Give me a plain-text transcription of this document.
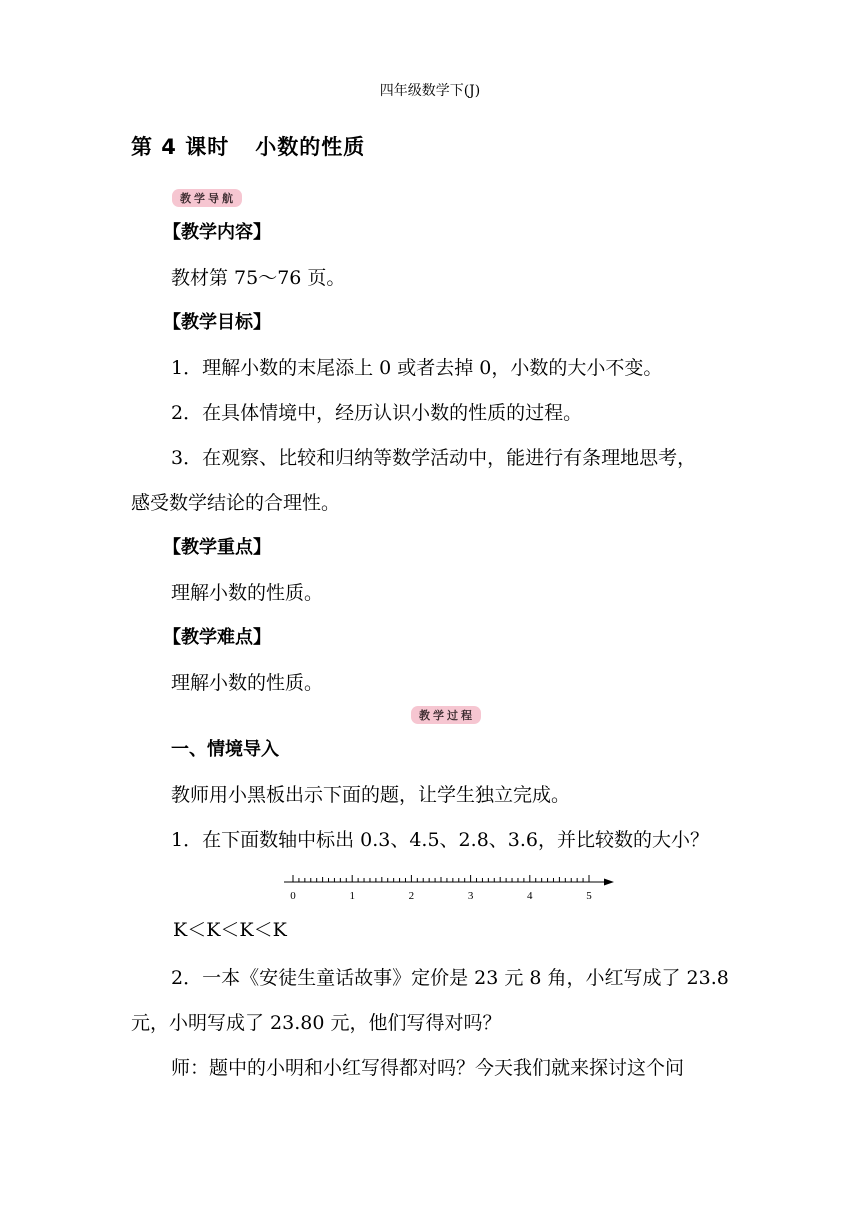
四年级数学下(J)
第 4 课时 小数的性质
教学导航
【教学内容】
教材第 75～76 页。
【教学目标】
1．理解小数的末尾添上 0 或者去掉 0，小数的大小不变。
2．在具体情境中，经历认识小数的性质的过程。
3．在观察、比较和归纳等数学活动中，能进行有条理地思考，
感受数学结论的合理性。
【教学重点】
理解小数的性质。
【教学难点】
理解小数的性质。
教学过程
一、情境导入
教师用小黑板出示下面的题，让学生独立完成。
1．在下面数轴中标出 0.3、4.5、2.8、3.6，并比较数的大小？
0	1	2	3	4	5
K＜K＜K＜K
2．一本《安徒生童话故事》定价是 23 元 8 角，小红写成了 23.8
元，小明写成了 23.80 元，他们写得对吗？
师：题中的小明和小红写得都对吗？今天我们就来探讨这个问
